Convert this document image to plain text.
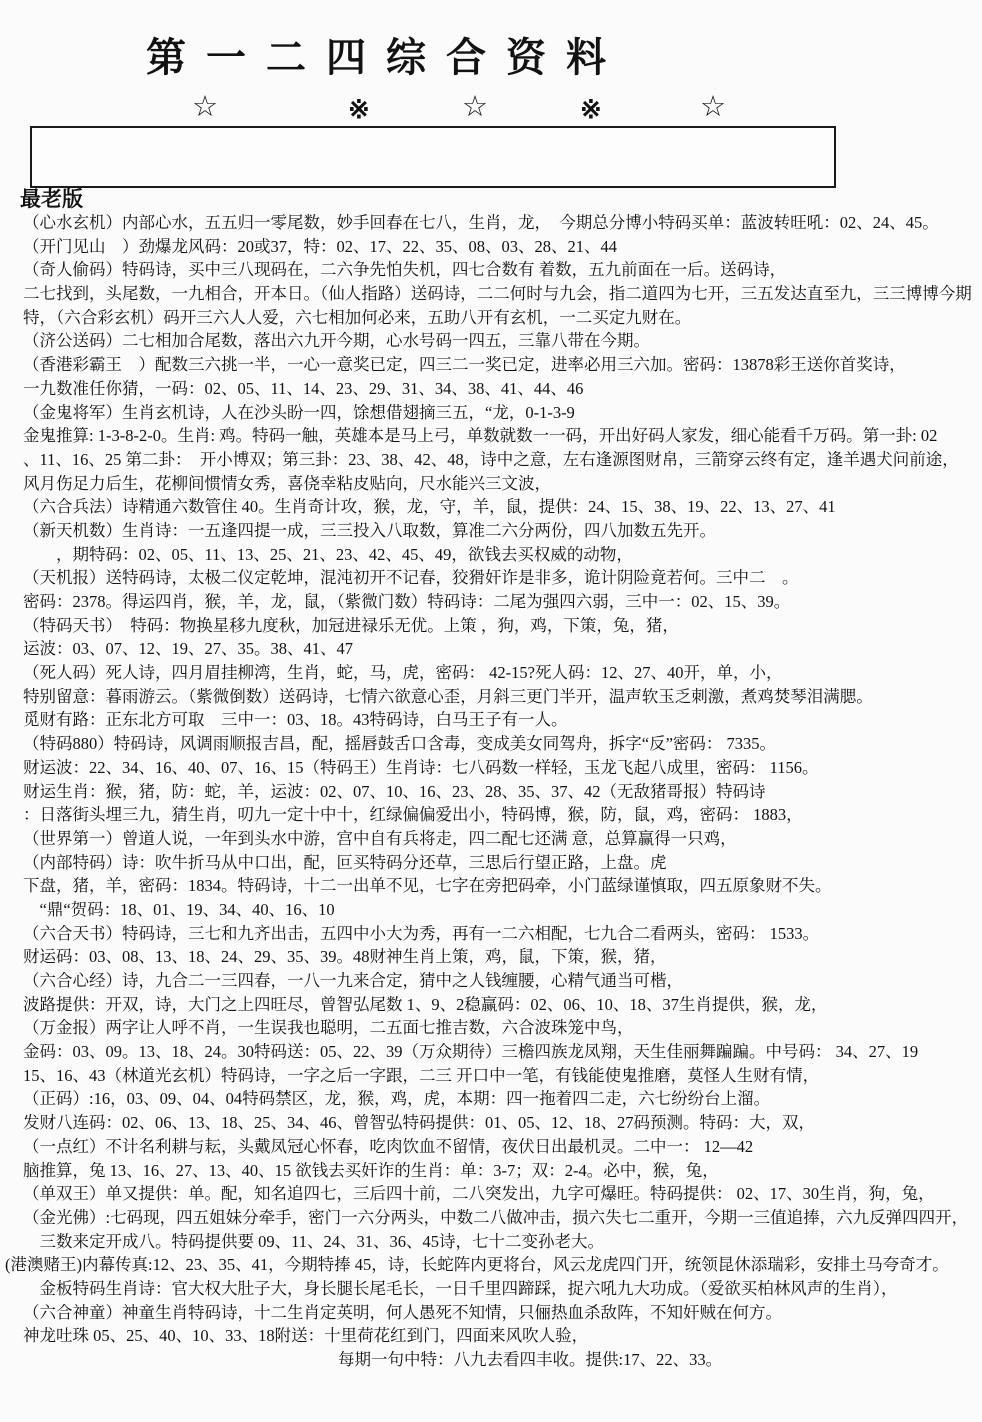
第一二四综合资料
☆	※	☆	※	☆
最老版
（心水玄机）内部心水，五五归一零尾数，妙手回春在七八，生肖，龙，　今期总分博小特码买单：蓝波转旺吼：02、24、45。
（开门见山　）劲爆龙风码：20或37，特：02、17、22、35、08、03、28、21、44
（奇人偷码）特码诗，买中三八现码在，二六争先怕失机，四七合数有 着数，五九前面在一后。送码诗，
二七找到，头尾数，一九相合，开本日。（仙人指路）送码诗，二二何时与九会，指二道四为七开，三五发达直至九，三三博博今期
特，（六合彩玄机）码开三六人人爱，六七相加何必来，五助八开有玄机，一二买定九财在。
（济公送码）二七相加合尾数，落出六九开今期，心水号码一四五，三靠八带在今期。
（香港彩霸王　）配数三六挑一半，一心一意奖已定，四三二一奖已定，进率必用三六加。密码：13878彩王送你首奖诗，
一九数准任你猜，一码：02、05、11、14、23、29、31、34、38、41、44、46
（金鬼将军）生肖玄机诗，人在沙头盼一四，馀想借翅摘三五，“龙，0-1-3-9
金鬼推算: 1-3-8-2-0。生肖: 鸡。特码一触，英雄本是马上弓，单数就数一一码，开出好码人家发，细心能看千万码。第一卦: 02
、11、16、25 第二卦：　开小博双；第三卦：23、38、42、48，诗中之意，左右逢源图财帛，三箭穿云终有定，逢羊遇犬问前途，
风月伤足力后生，花柳间惯情女秀，喜侥幸粘皮贴向，尺水能兴三文波，
（六合兵法）诗精通六数管住 40。生肖奇计攻，猴，龙，守，羊，鼠，提供：24、15、38、19、22、13、27、41
（新天机数）生肖诗：一五逢四提一成，三三投入八取数，算准二六分两份，四八加数五先开。
　　，期特码：02、05、11、13、25、21、23、42、45、49，欲钱去买权威的动物，
（天机报）送特码诗，太极二仪定乾坤，混沌初开不记春，狡猾奸诈是非多，诡计阴险竟若何。三中二　。
密码：2378。得运四肖，猴，羊，龙，鼠，（紫微门数）特码诗：二尾为强四六弱，三中一：02、15、39。
（特码天书）　特码：物换星移九度秋，加冠进禄乐无优。上策 ，狗，鸡，下策，兔，猪，
运波：03、07、12、19、27、35。38、41、47
（死人码）死人诗，四月眉挂柳湾，生肖，蛇，马，虎，密码： 42-15?死人码：12、27、40开，单，小，
特别留意：暮雨游云。（紫微倒数）送码诗，七情六欲意心歪，月斜三更门半开，温声软玉乏刺激，煮鸡焚琴泪满腮。
觅财有路：正东北方可取　三中一：03、18。43特码诗，白马王子有一人。
（特码880）特码诗，风调雨顺报吉昌，配，摇唇鼓舌口含毒，变成美女同驾舟，拆字“反”密码： 7335。
财运波：22、34、16、40、07、16、15（特码王）生肖诗：七八码数一样轻，玉龙飞起八成里，密码： 1156。
财运生肖：猴，猪，防：蛇，羊，运波：02、07、10、16、23、28、35、37、42（无敌猪哥报）特码诗
：日落街头埋三九，猜生肖，叨九一定十中十，红绿偏偏爱出小，特码博，猴，防，鼠，鸡，密码： 1883，
（世界第一）曾道人说，一年到头水中游，宫中自有兵将走，四二配七还满 意，总算赢得一只鸡，
（内部特码）诗：吹牛折马从中口出，配，叵买特码分还草，三思后行望正路，上盘。虎
下盘，猪，羊，密码：1834。特码诗，十二一出单不见，七字在旁把码牵，小门蓝绿谨慎取，四五原象财不失。
　“鼎“贺码：18、01、19、34、40、16、10
（六合天书）特码诗，三七和九齐出击，五四中小大为秀，再有一二六相配，七九合二看两头，密码： 1533。
财运码：03、08、13、18、24、29、35、39。48财神生肖上策，鸡，鼠，下策，猴，猪，
（六合心经）诗，九合二一三四春，一八一九来合定，猜中之人钱缠腰，心精气通当可楷，
波路提供：开双，诗，大门之上四旺尽，曾智弘尾数 1、9、2稳赢码：02、06、10、18、37生肖提供，猴，龙，
（万金报）两字让人呼不肖，一生误我也聪明，二五面七推吉数，六合波珠笼中鸟，
金码：03、09。13、18、24。30特码送：05、22、39（万众期待）三檐四族龙凤翔，天生佳丽舞蹁蹁。中号码： 34、27、19
15、16、43（林道光玄机）特码诗，一字之后一字跟，二三 开口中一笔，有钱能使鬼推磨，莫怪人生财有情，
（正码）:16，03、09、04、04特码禁区，龙，猴，鸡，虎，本期：四一拖着四二走，六七纷纷台上溜。
发财八连码：02、06、13、18、25、34、46、曾智弘特码提供：01、05、12、18、27码预测。特码：大，双，
（一点红）不计名利耕与耘，头戴凤冠心怀春，吃肉饮血不留情，夜伏日出最机灵。二中一： 12—42
脑推算，兔 13、16、27、13、40、15 欲钱去买奸诈的生肖：单：3-7；双：2-4。必中，猴，兔，
（单双王）单又提供：单。配，知名追四七，三后四十前，二八突发出，九字可爆旺。特码提供： 02、17、30生肖，狗，兔，
（金光佛）:七码现，四五姐妹分牵手，密门一六分两头，中数二八做冲击，损六失七二重开，今期一三值追捧，六九反弹四四开，
　三数来定开成八。特码提供要 09、11、24、31、36、45诗，七十二变孙老大。
(港澳赌王)内幕传真:12、23、35、41，今期特捧 45，诗，长蛇阵内更将台，风云龙虎四门开，统领昆休添瑞彩，安排土马夸奇才。
　金板特码生肖诗：官大权大肚子大，身长腿长尾毛长，一日千里四蹄踩，捉六吼九大功成。（爱欲买柏林风声的生肖），
（六合神童）神童生肖特码诗，十二生肖定英明，何人愚死不知情，只俪热血杀敌阵，不知奸贼在何方。
神龙吐珠 05、25、40、10、33、18附送：十里荷花红到门，四面来风吹人验，
每期一句中特：八九去看四丰收。提供:17、22、33。
